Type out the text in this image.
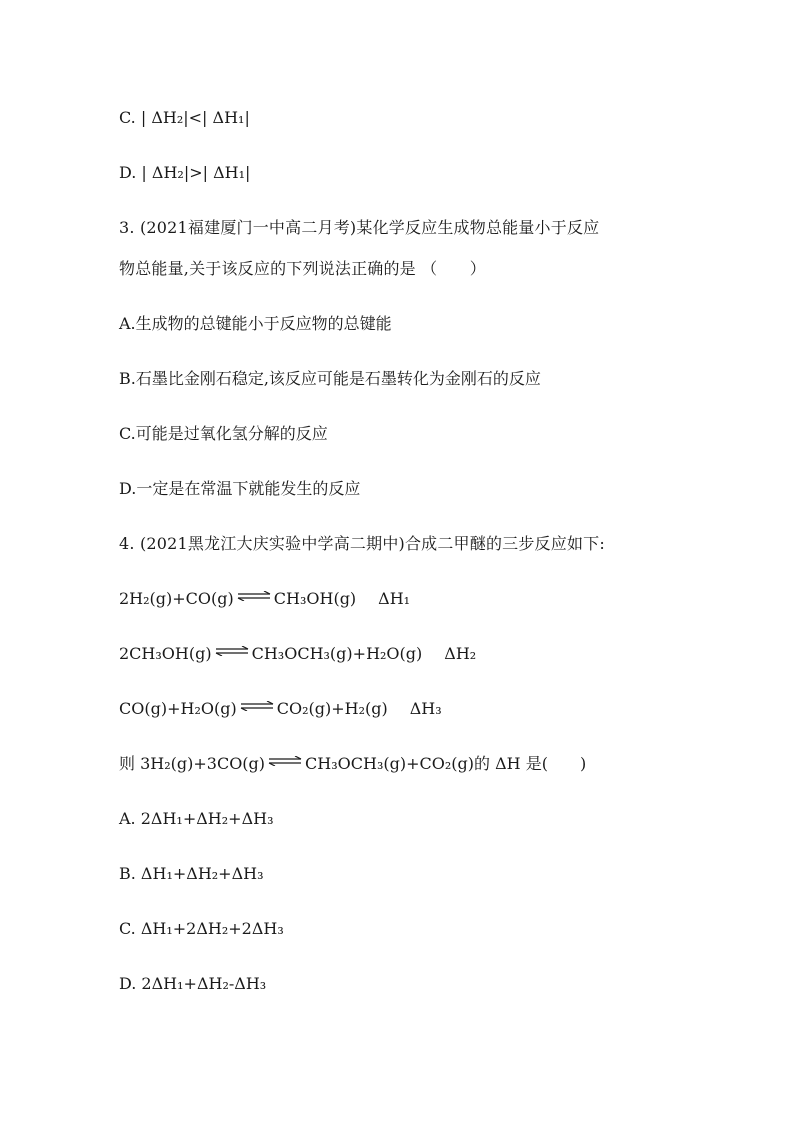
C. | ΔH₂|<| ΔH₁|
D. | ΔH₂|>| ΔH₁|
3. (2021福建厦门一中高二月考)某化学反应生成物总能量小于反应
物总能量,关于该反应的下列说法正确的是 （　　）
A.生成物的总键能小于反应物的总键能
B.石墨比金刚石稳定,该反应可能是石墨转化为金刚石的反应
C.可能是过氧化氢分解的反应
D.一定是在常温下就能发生的反应
4. (2021黑龙江大庆实验中学高二期中)合成二甲醚的三步反应如下:
2H₂(g)+CO(g) ⇌ CH₃OH(g) ΔH₁
2CH₃OH(g) ⇌ CH₃OCH₃(g)+H₂O(g) ΔH₂
CO(g)+H₂O(g) ⇌ CO₂(g)+H₂(g) ΔH₃
则 3H₂(g)+3CO(g) ⇌ CH₃OCH₃(g)+CO₂(g)的 ΔH 是(　　)
A. 2ΔH₁+ΔH₂+ΔH₃
B. ΔH₁+ΔH₂+ΔH₃
C. ΔH₁+2ΔH₂+2ΔH₃
D. 2ΔH₁+ΔH₂-ΔH₃
